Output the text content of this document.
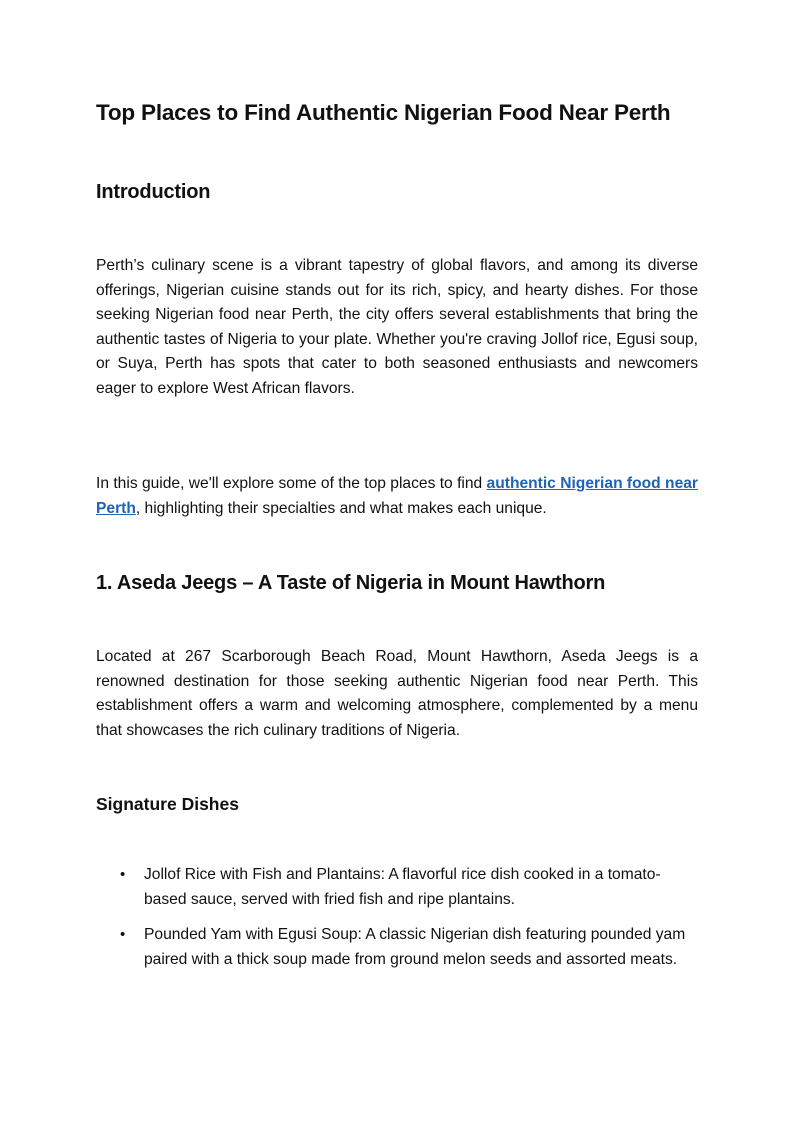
Top Places to Find Authentic Nigerian Food Near Perth
Introduction

Perth’s culinary scene is a vibrant tapestry of global flavors, and among its diverse offerings, Nigerian cuisine stands out for its rich, spicy, and hearty dishes. For those seeking Nigerian food near Perth, the city offers several establishments that bring the authentic tastes of Nigeria to your plate. Whether you're craving Jollof rice, Egusi soup, or Suya, Perth has spots that cater to both seasoned enthusiasts and newcomers eager to explore West African flavors.

In this guide, we'll explore some of the top places to find authentic Nigerian food near Perth, highlighting their specialties and what makes each unique.

1. Aseda Jeegs – A Taste of Nigeria in Mount Hawthorn

Located at 267 Scarborough Beach Road, Mount Hawthorn, Aseda Jeegs is a renowned destination for those seeking authentic Nigerian food near Perth. This establishment offers a warm and welcoming atmosphere, complemented by a menu that showcases the rich culinary traditions of Nigeria.

Signature Dishes
• Jollof Rice with Fish and Plantains: A flavorful rice dish cooked in a tomato-based sauce, served with fried fish and ripe plantains.
• Pounded Yam with Egusi Soup: A classic Nigerian dish featuring pounded yam paired with a thick soup made from ground melon seeds and assorted meats.
